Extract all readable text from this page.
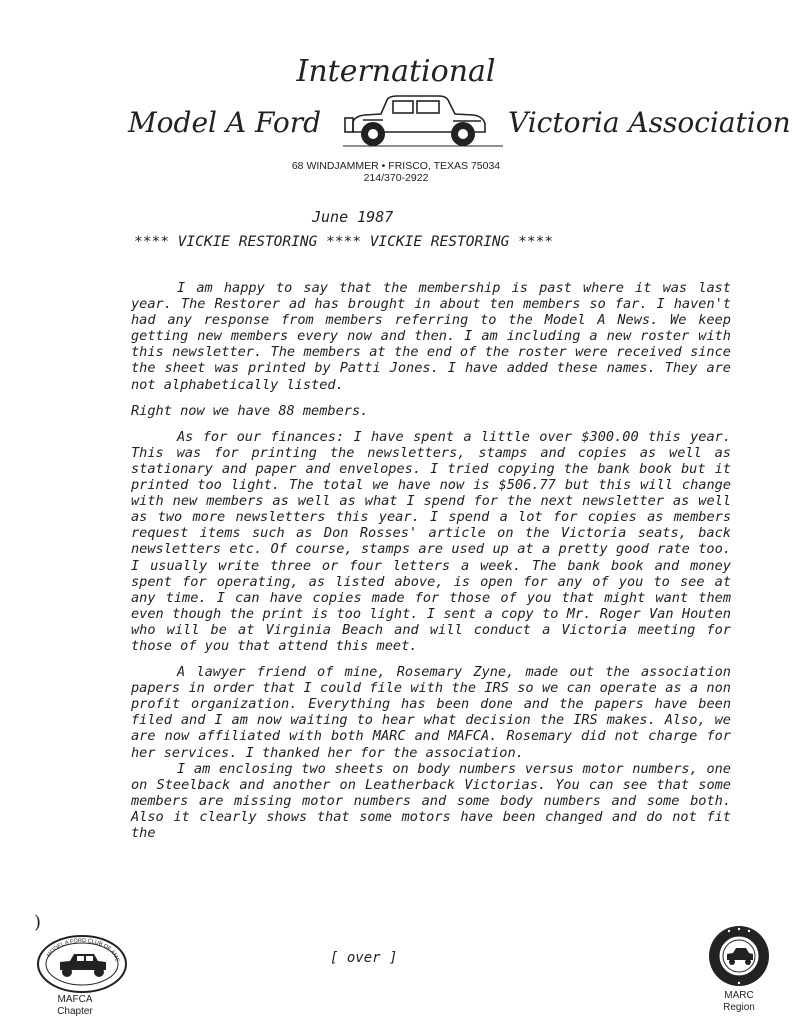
International
Model A Ford	Victoria Association
68 WINDJAMMER • FRISCO, TEXAS 75034
214/370-2922
June 1987
**** VICKIE RESTORING **** VICKIE RESTORING ****

I am happy to say that the membership is past where it was last year. The Restorer ad has brought in about ten members so far. I haven't had any response from members referring to the Model A News. We keep getting new members every now and then. I am including a new roster with this newsletter. The members at the end of the roster were received since the sheet was printed by Patti Jones. I have added these names. They are not alphabetically listed.

Right now we have 88 members.

As for our finances: I have spent a little over $300.00 this year. This was for printing the newsletters, stamps and copies as well as stationary and paper and envelopes. I tried copying the bank book but it printed too light. The total we have now is $506.77 but this will change with new members as well as what I spend for the next newsletter as well as two more newsletters this year. I spend a lot for copies as members request items such as Don Rosses' article on the Victoria seats, back newsletters etc. Of course, stamps are used up at a pretty good rate too. I usually write three or four letters a week. The bank book and money spent for operating, as listed above, is open for any of you to see at any time. I can have copies made for those of you that might want them even though the print is too light. I sent a copy to Mr. Roger Van Houten who will be at Virginia Beach and will conduct a Victoria meeting for those of you that attend this meet.

A lawyer friend of mine, Rosemary Zyne, made out the association papers in order that I could file with the IRS so we can operate as a non profit organization. Everything has been done and the papers have been filed and I am now waiting to hear what decision the IRS makes. Also, we are now affiliated with both MARC and MAFCA. Rosemary did not charge for her services. I thanked her for the association.

I am enclosing two sheets on body numbers versus motor numbers, one on Steelback and another on Leatherback Victorias. You can see that some members are missing motor numbers and some body numbers and some both. Also it clearly shows that some motors have been changed and do not fit the

)
[ over ]
MODEL A FORD CLUB OF AME
MAFCA
Chapter
MARC
Region
